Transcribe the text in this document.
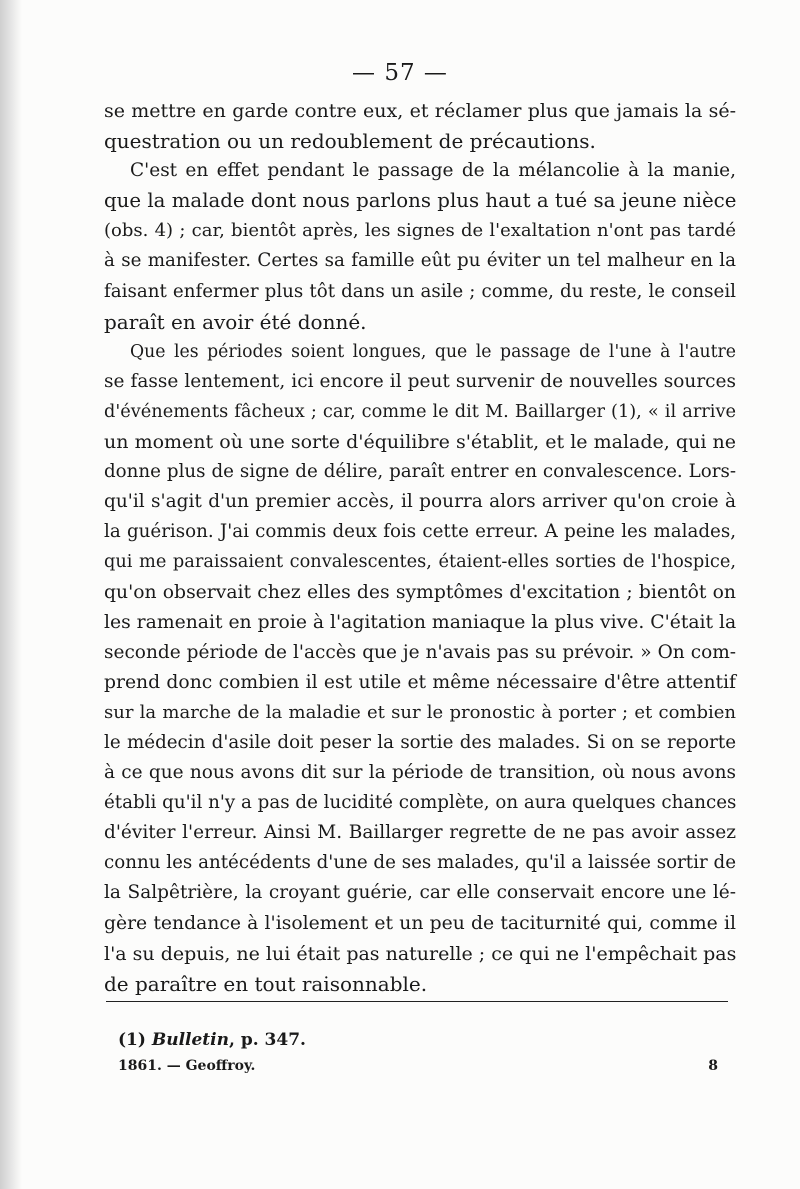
— 57 —
se mettre en garde contre eux, et réclamer plus que jamais la sé-
questration ou un redoublement de précautions.
C'est en effet pendant le passage de la mélancolie à la manie,
que la malade dont nous parlons plus haut a tué sa jeune nièce
(obs. 4) ; car, bientôt après, les signes de l'exaltation n'ont pas tardé
à se manifester. Certes sa famille eût pu éviter un tel malheur en la
faisant enfermer plus tôt dans un asile ; comme, du reste, le conseil
paraît en avoir été donné.
Que les périodes soient longues, que le passage de l'une à l'autre
se fasse lentement, ici encore il peut survenir de nouvelles sources
d'événements fâcheux ; car, comme le dit M. Baillarger (1), « il arrive
un moment où une sorte d'équilibre s'établit, et le malade, qui ne
donne plus de signe de délire, paraît entrer en convalescence. Lors-
qu'il s'agit d'un premier accès, il pourra alors arriver qu'on croie à
la guérison. J'ai commis deux fois cette erreur. A peine les malades,
qui me paraissaient convalescentes, étaient-elles sorties de l'hospice,
qu'on observait chez elles des symptômes d'excitation ; bientôt on
les ramenait en proie à l'agitation maniaque la plus vive. C'était la
seconde période de l'accès que je n'avais pas su prévoir. » On com-
prend donc combien il est utile et même nécessaire d'être attentif
sur la marche de la maladie et sur le pronostic à porter ; et combien
le médecin d'asile doit peser la sortie des malades. Si on se reporte
à ce que nous avons dit sur la période de transition, où nous avons
établi qu'il n'y a pas de lucidité complète, on aura quelques chances
d'éviter l'erreur. Ainsi M. Baillarger regrette de ne pas avoir assez
connu les antécédents d'une de ses malades, qu'il a laissée sortir de
la Salpêtrière, la croyant guérie, car elle conservait encore une lé-
gère tendance à l'isolement et un peu de taciturnité qui, comme il
l'a su depuis, ne lui était pas naturelle ; ce qui ne l'empêchait pas
de paraître en tout raisonnable.
(1) Bulletin, p. 347.
1861. — Geoffroy.	8
